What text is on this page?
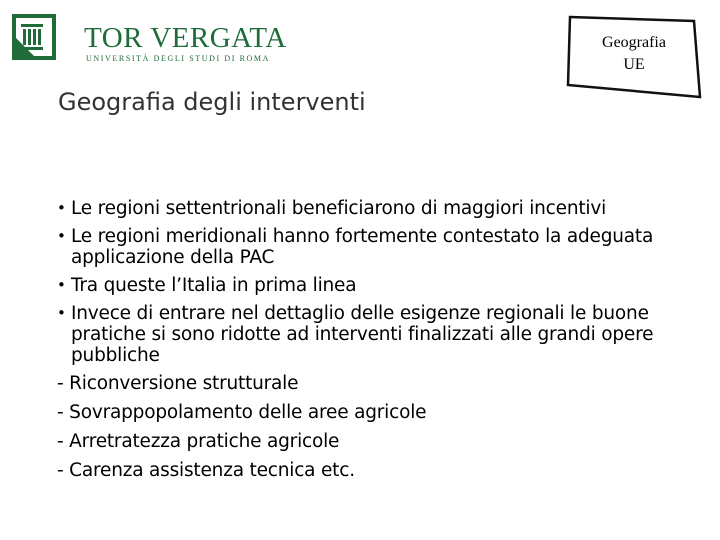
TOR VERGATA
UNIVERSITÀ DEGLI STUDI DI ROMA
Geografia
UE
Geografia degli interventi
• Le regioni settentrionali beneficiarono di maggiori incentivi
• Le regioni meridionali hanno fortemente contestato la adeguata applicazione della PAC
• Tra queste l’Italia in prima linea
• Invece di entrare nel dettaglio delle esigenze regionali le buone pratiche si sono ridotte ad interventi finalizzati alle grandi opere pubbliche
- Riconversione strutturale
- Sovrappopolamento delle aree agricole
- Arretratezza pratiche agricole
- Carenza assistenza tecnica etc.
